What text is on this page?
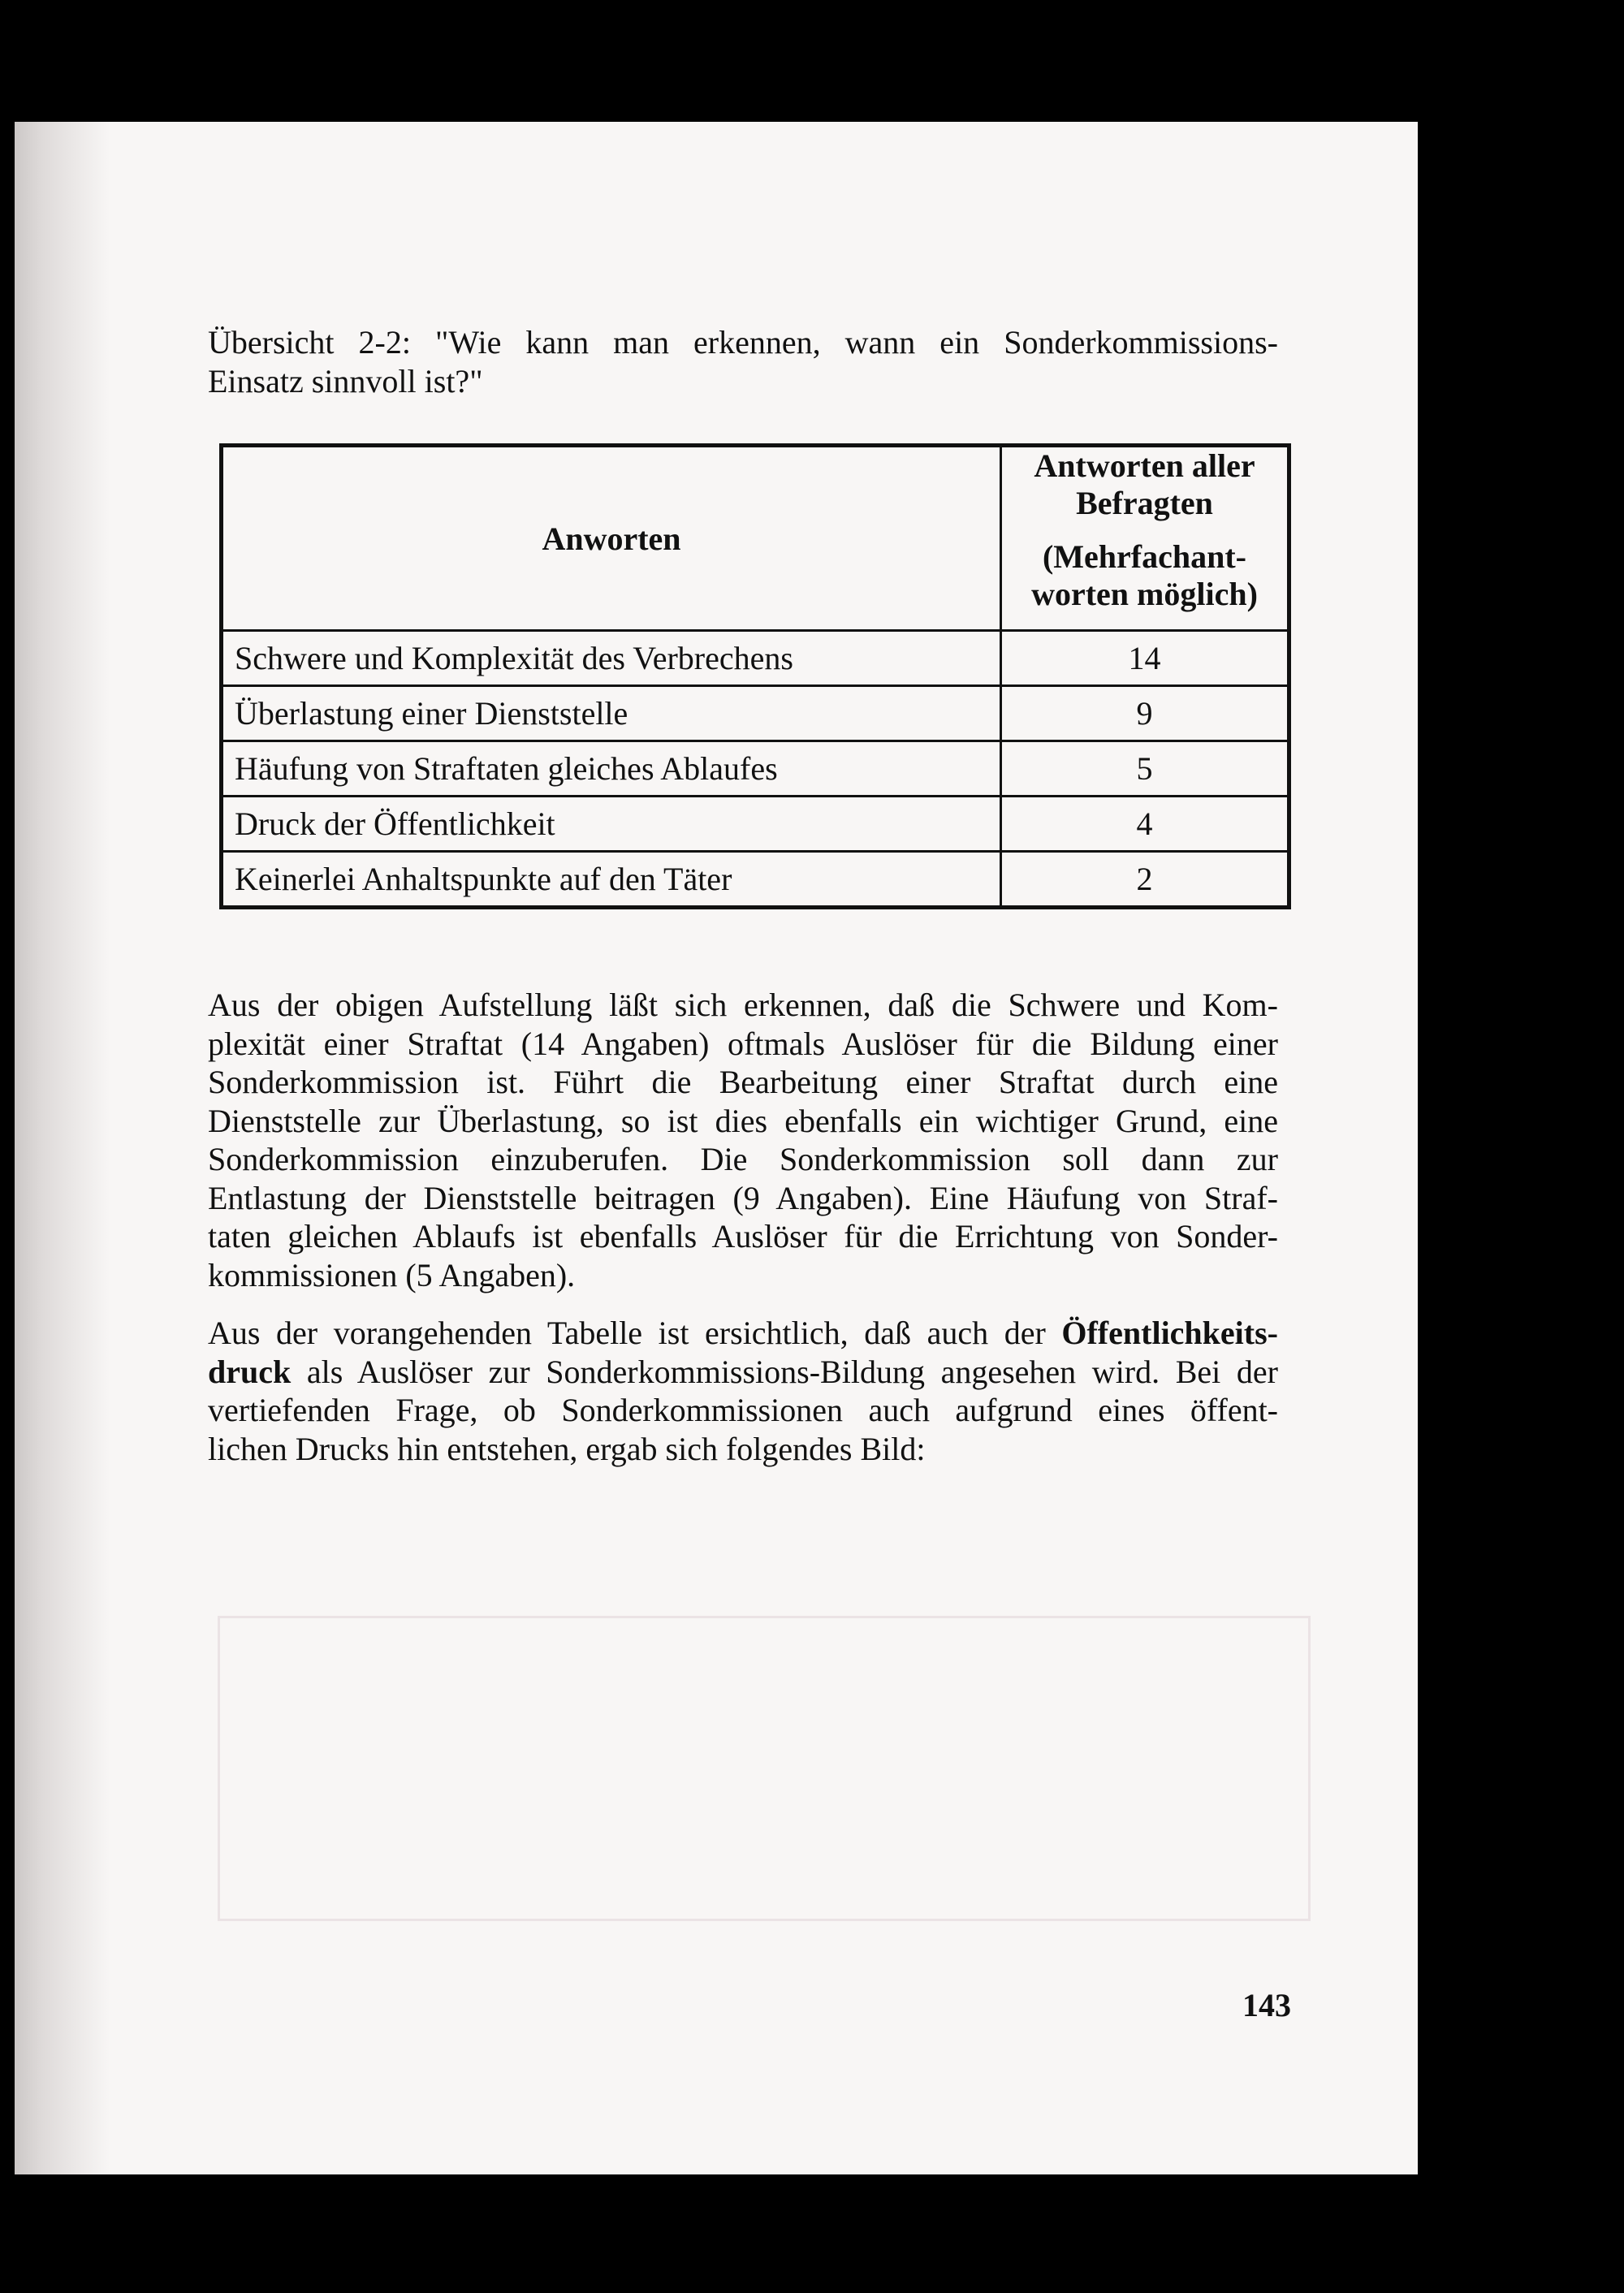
Übersicht 2-2: "Wie kann man erkennen, wann ein Sonderkommissions-
Einsatz sinnvoll ist?"
Anworten	Antworten aller
Befragten
(Mehrfachant-
worten möglich)

Schwere und Komplexität des Verbrechens	14
Überlastung einer Dienststelle	9
Häufung von Straftaten gleiches Ablaufes	5
Druck der Öffentlichkeit	4
Keinerlei Anhaltspunkte auf den Täter	2

Aus der obigen Aufstellung läßt sich erkennen, daß die Schwere und Kom-
plexität einer Straftat (14 Angaben) oftmals Auslöser für die Bildung einer
Sonderkommission ist. Führt die Bearbeitung einer Straftat durch eine
Dienststelle zur Überlastung, so ist dies ebenfalls ein wichtiger Grund, eine
Sonderkommission einzuberufen. Die Sonderkommission soll dann zur
Entlastung der Dienststelle beitragen (9 Angaben). Eine Häufung von Straf-
taten gleichen Ablaufs ist ebenfalls Auslöser für die Errichtung von Sonder-
kommissionen (5 Angaben).

Aus der vorangehenden Tabelle ist ersichtlich, daß auch der Öffentlichkeits-
druck als Auslöser zur Sonderkommissions-Bildung angesehen wird. Bei der
vertiefenden Frage, ob Sonderkommissionen auch aufgrund eines öffent-
lichen Drucks hin entstehen, ergab sich folgendes Bild:

143
